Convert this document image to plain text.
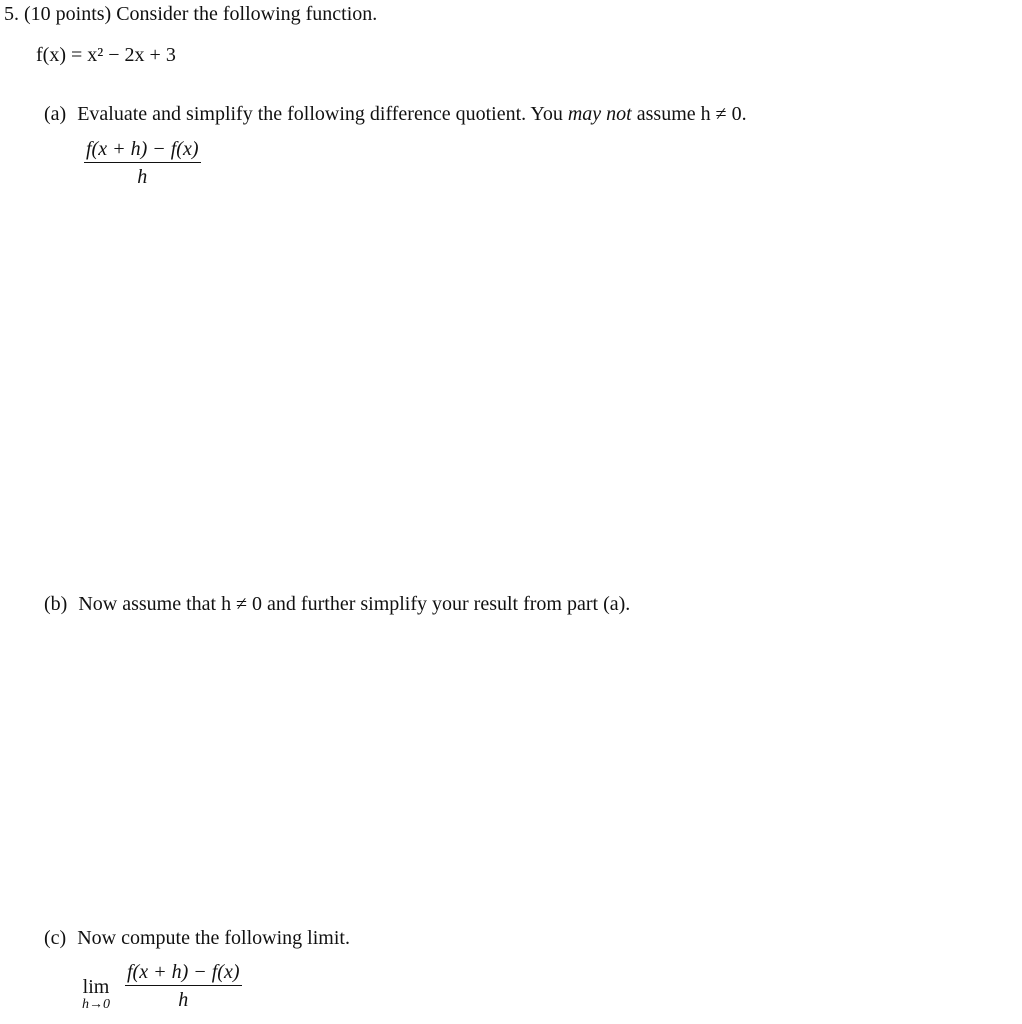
5. (10 points) Consider the following function.
f(x) = x² − 2x + 3
(a) Evaluate and simplify the following difference quotient. You may not assume h ≠ 0.
$\frac{f(x + h) - f(x)}{h}$
(b) Now assume that h ≠ 0 and further simplify your result from part (a).
(c) Now compute the following limit.
lim
$h\to 0 \frac{f(x + h) - f(x)}{h}$
